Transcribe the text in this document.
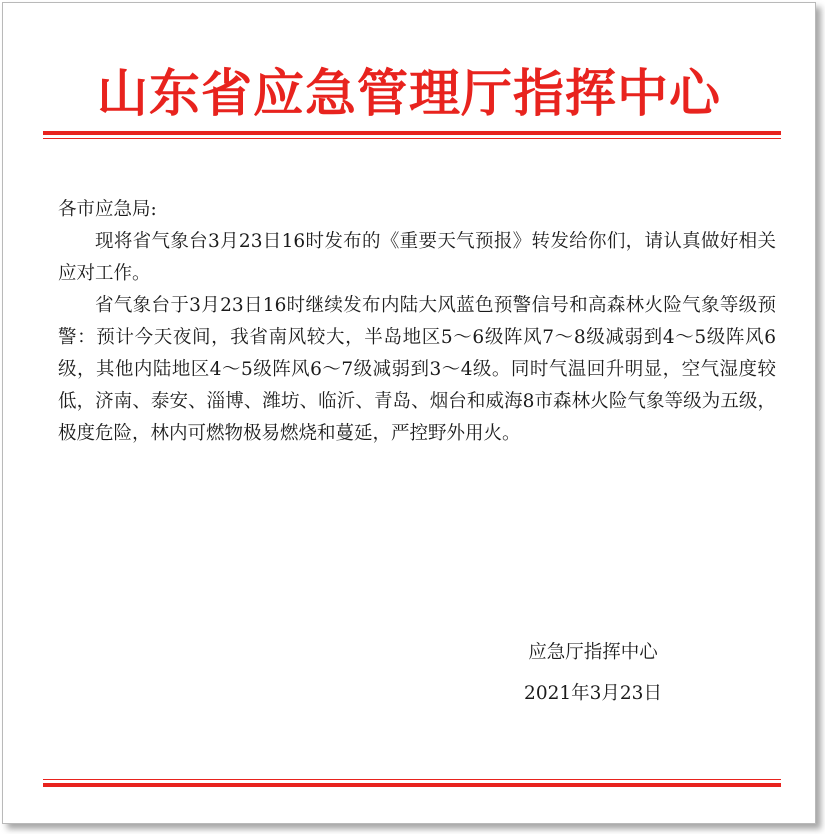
山东省应急管理厅指挥中心

各市应急局:

现将省气象台3月23日16时发布的《重要天气预报》转发给你们，请认真做好相关应对工作。

省气象台于3月23日16时继续发布内陆大风蓝色预警信号和高森林火险气象等级预警：预计今天夜间，我省南风较大，半岛地区5～6级阵风7～8级减弱到4～5级阵风6级，其他内陆地区4～5级阵风6～7级减弱到3～4级。同时气温回升明显，空气湿度较低，济南、泰安、淄博、潍坊、临沂、青岛、烟台和威海8市森林火险气象等级为五级，极度危险，林内可燃物极易燃烧和蔓延，严控野外用火。

应急厅指挥中心
2021年3月23日
